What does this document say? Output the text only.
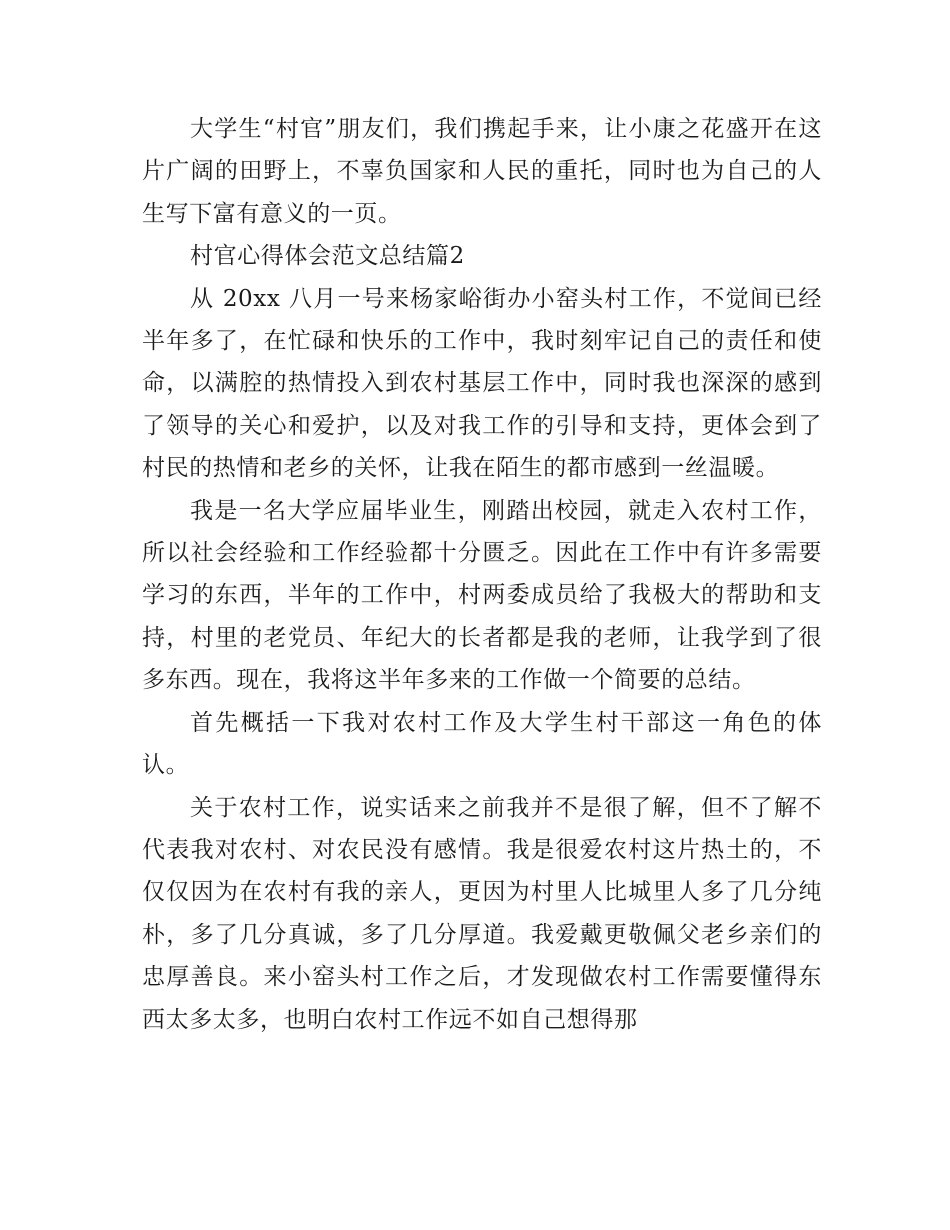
大学生“村官”朋友们，我们携起手来，让小康之花盛开在这片广阔的田野上，不辜负国家和人民的重托，同时也为自己的人生写下富有意义的一页。

村官心得体会范文总结篇2

从 20xx 八月一号来杨家峪街办小窑头村工作，不觉间已经半年多了，在忙碌和快乐的工作中，我时刻牢记自己的责任和使命，以满腔的热情投入到农村基层工作中，同时我也深深的感到了领导的关心和爱护，以及对我工作的引导和支持，更体会到了村民的热情和老乡的关怀，让我在陌生的都市感到一丝温暖。

我是一名大学应届毕业生，刚踏出校园，就走入农村工作，所以社会经验和工作经验都十分匮乏。因此在工作中有许多需要学习的东西，半年的工作中，村两委成员给了我极大的帮助和支持，村里的老党员、年纪大的长者都是我的老师，让我学到了很多东西。现在，我将这半年多来的工作做一个简要的总结。

首先概括一下我对农村工作及大学生村干部这一角色的体认。

关于农村工作，说实话来之前我并不是很了解，但不了解不代表我对农村、对农民没有感情。我是很爱农村这片热土的，不仅仅因为在农村有我的亲人，更因为村里人比城里人多了几分纯朴，多了几分真诚，多了几分厚道。我爱戴更敬佩父老乡亲们的忠厚善良。来小窑头村工作之后，才发现做农村工作需要懂得东西太多太多，也明白农村工作远不如自己想得那
